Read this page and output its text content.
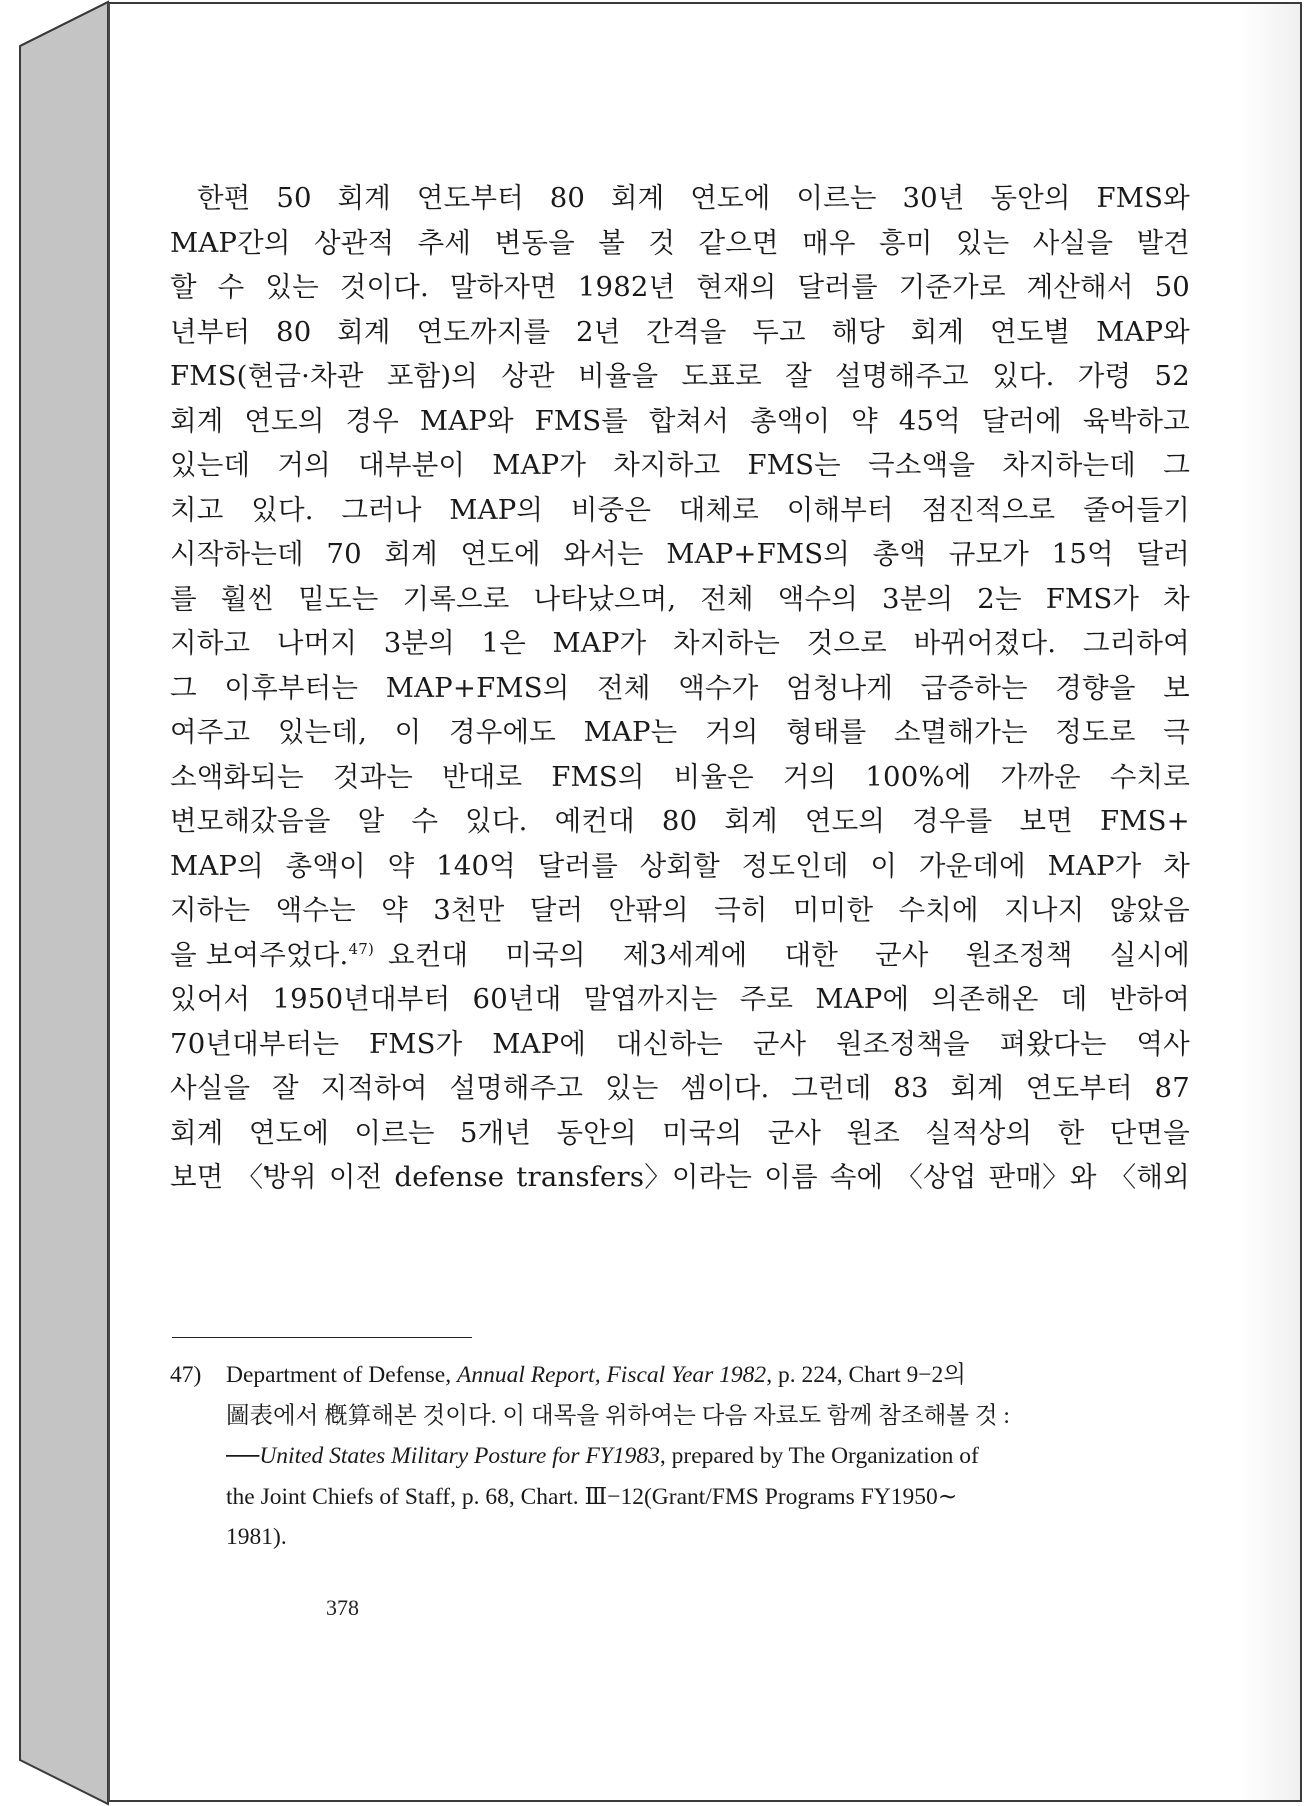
한편 50 회계 연도부터 80 회계 연도에 이르는 30년 동안의 FMS와
MAP간의 상관적 추세 변동을 볼 것 같으면 매우 흥미 있는 사실을 발견
할 수 있는 것이다. 말하자면 1982년 현재의 달러를 기준가로 계산해서 50
년부터 80 회계 연도까지를 2년 간격을 두고 해당 회계 연도별 MAP와
FMS(현금·차관 포함)의 상관 비율을 도표로 잘 설명해주고 있다. 가령 52
회계 연도의 경우 MAP와 FMS를 합쳐서 총액이 약 45억 달러에 육박하고
있는데 거의 대부분이 MAP가 차지하고 FMS는 극소액을 차지하는데 그
치고 있다. 그러나 MAP의 비중은 대체로 이해부터 점진적으로 줄어들기
시작하는데 70 회계 연도에 와서는 MAP+FMS의 총액 규모가 15억 달러
를 훨씬 밑도는 기록으로 나타났으며, 전체 액수의 3분의 2는 FMS가 차
지하고 나머지 3분의 1은 MAP가 차지하는 것으로 바뀌어졌다. 그리하여
그 이후부터는 MAP+FMS의 전체 액수가 엄청나게 급증하는 경향을 보
여주고 있는데, 이 경우에도 MAP는 거의 형태를 소멸해가는 정도로 극
소액화되는 것과는 반대로 FMS의 비율은 거의 100%에 가까운 수치로
변모해갔음을 알 수 있다. 예컨대 80 회계 연도의 경우를 보면 FMS+
MAP의 총액이 약 140억 달러를 상회할 정도인데 이 가운데에 MAP가 차
지하는 액수는 약 3천만 달러 안팎의 극히 미미한 수치에 지나지 않았음
을 보여주었다.$^{47)}$ 요컨대 미국의 제3세계에 대한 군사 원조정책 실시에
있어서 1950년대부터 60년대 말엽까지는 주로 MAP에 의존해온 데 반하여
70년대부터는 FMS가 MAP에 대신하는 군사 원조정책을 펴왔다는 역사
사실을 잘 지적하여 설명해주고 있는 셈이다. 그런데 83 회계 연도부터 87
회계 연도에 이르는 5개년 동안의 미국의 군사 원조 실적상의 한 단면을
보면 〈방위 이전 defense transfers〉이라는 이름 속에 〈상업 판매〉와 〈해외
47)	Department of Defense, Annual Report, Fiscal Year 1982, p. 224, Chart 9−2의
圖表에서 槪算해본 것이다. 이 대목을 위하여는 다음 자료도 함께 참조해볼 것 :
──United States Military Posture for FY1983, prepared by The Organization of
the Joint Chiefs of Staff, p. 68, Chart. Ⅲ−12(Grant/FMS Programs FY1950∼
1981).
378
